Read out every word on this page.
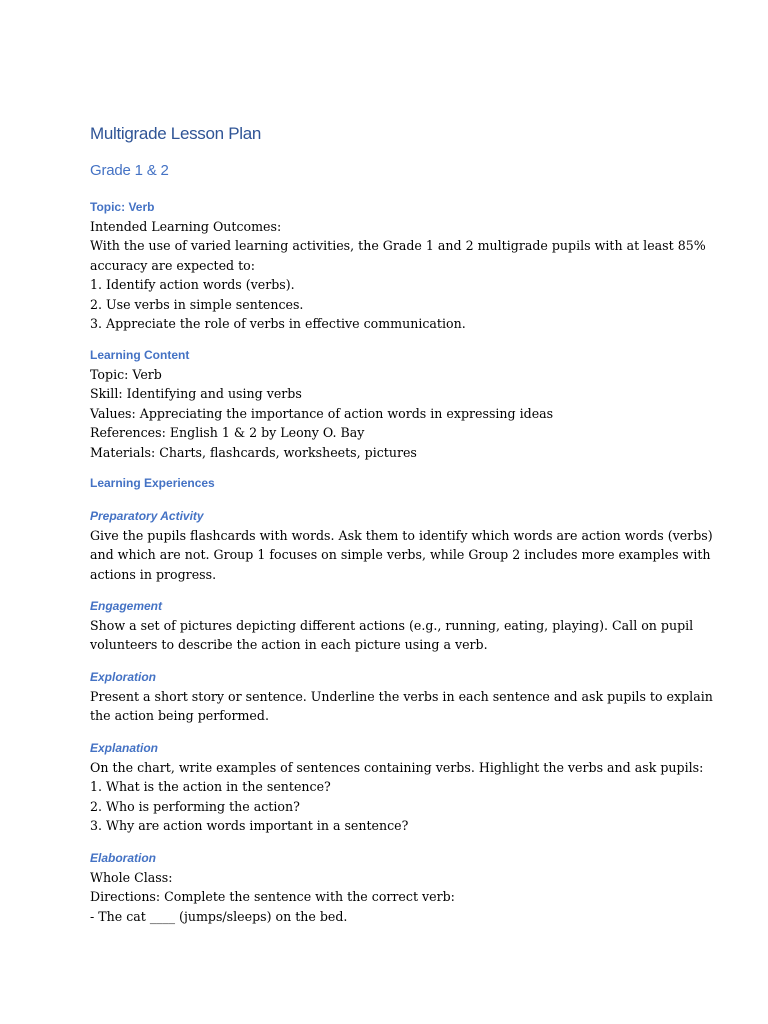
Multigrade Lesson Plan
Grade 1 & 2
Topic: Verb
Intended Learning Outcomes:
With the use of varied learning activities, the Grade 1 and 2 multigrade pupils with at least 85%
accuracy are expected to:
1. Identify action words (verbs).
2. Use verbs in simple sentences.
3. Appreciate the role of verbs in effective communication.
Learning Content
Topic: Verb
Skill: Identifying and using verbs
Values: Appreciating the importance of action words in expressing ideas
References: English 1 & 2 by Leony O. Bay
Materials: Charts, flashcards, worksheets, pictures
Learning Experiences
Preparatory Activity
Give the pupils flashcards with words. Ask them to identify which words are action words (verbs)
and which are not. Group 1 focuses on simple verbs, while Group 2 includes more examples with
actions in progress.
Engagement
Show a set of pictures depicting different actions (e.g., running, eating, playing). Call on pupil
volunteers to describe the action in each picture using a verb.
Exploration
Present a short story or sentence. Underline the verbs in each sentence and ask pupils to explain
the action being performed.
Explanation
On the chart, write examples of sentences containing verbs. Highlight the verbs and ask pupils:
1. What is the action in the sentence?
2. Who is performing the action?
3. Why are action words important in a sentence?
Elaboration
Whole Class:
Directions: Complete the sentence with the correct verb:
- The cat ____ (jumps/sleeps) on the bed.
